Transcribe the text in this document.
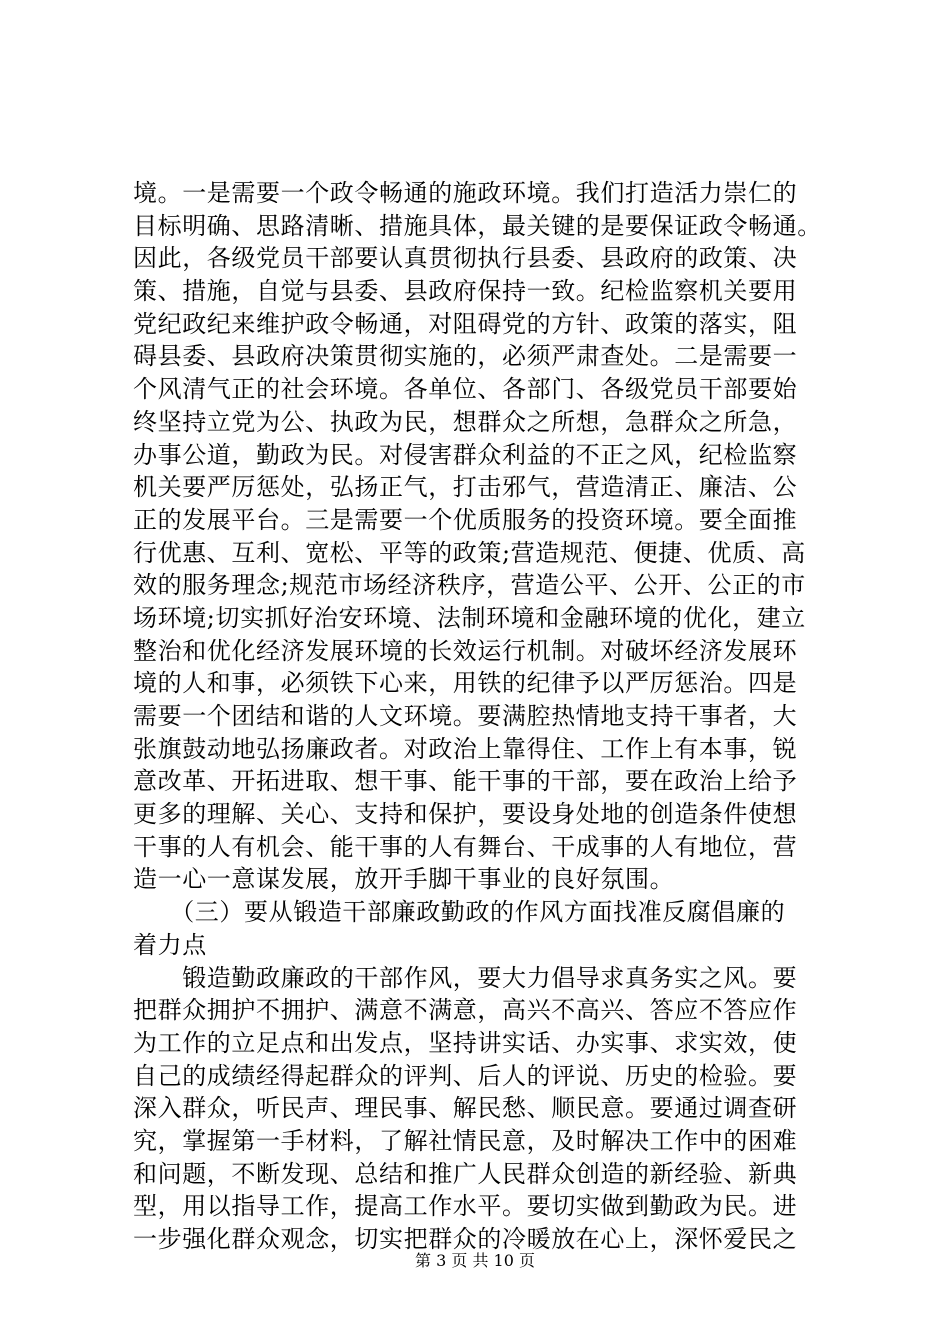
境。一是需要一个政令畅通的施政环境。我们打造活力崇仁的
目标明确、思路清晰、措施具体，最关键的是要保证政令畅通。
因此，各级党员干部要认真贯彻执行县委、县政府的政策、决
策、措施，自觉与县委、县政府保持一致。纪检监察机关要用
党纪政纪来维护政令畅通，对阻碍党的方针、政策的落实，阻
碍县委、县政府决策贯彻实施的，必须严肃查处。二是需要一
个风清气正的社会环境。各单位、各部门、各级党员干部要始
终坚持立党为公、执政为民，想群众之所想，急群众之所急，
办事公道，勤政为民。对侵害群众利益的不正之风，纪检监察
机关要严厉惩处，弘扬正气，打击邪气，营造清正、廉洁、公
正的发展平台。三是需要一个优质服务的投资环境。要全面推
行优惠、互利、宽松、平等的政策;营造规范、便捷、优质、高
效的服务理念;规范市场经济秩序，营造公平、公开、公正的市
场环境;切实抓好治安环境、法制环境和金融环境的优化，建立
整治和优化经济发展环境的长效运行机制。对破坏经济发展环
境的人和事，必须铁下心来，用铁的纪律予以严厉惩治。四是
需要一个团结和谐的人文环境。要满腔热情地支持干事者，大
张旗鼓动地弘扬廉政者。对政治上靠得住、工作上有本事，锐
意改革、开拓进取、想干事、能干事的干部，要在政治上给予
更多的理解、关心、支持和保护，要设身处地的创造条件使想
干事的人有机会、能干事的人有舞台、干成事的人有地位，营
造一心一意谋发展，放开手脚干事业的良好氛围。
　　（三）要从锻造干部廉政勤政的作风方面找准反腐倡廉的
着力点
　　锻造勤政廉政的干部作风，要大力倡导求真务实之风。要
把群众拥护不拥护、满意不满意，高兴不高兴、答应不答应作
为工作的立足点和出发点，坚持讲实话、办实事、求实效，使
自己的成绩经得起群众的评判、后人的评说、历史的检验。要
深入群众，听民声、理民事、解民愁、顺民意。要通过调查研
究，掌握第一手材料，了解社情民意，及时解决工作中的困难
和问题，不断发现、总结和推广人民群众创造的新经验、新典
型，用以指导工作，提高工作水平。要切实做到勤政为民。进
一步强化群众观念，切实把群众的冷暖放在心上，深怀爱民之
第 3 页 共 10 页
